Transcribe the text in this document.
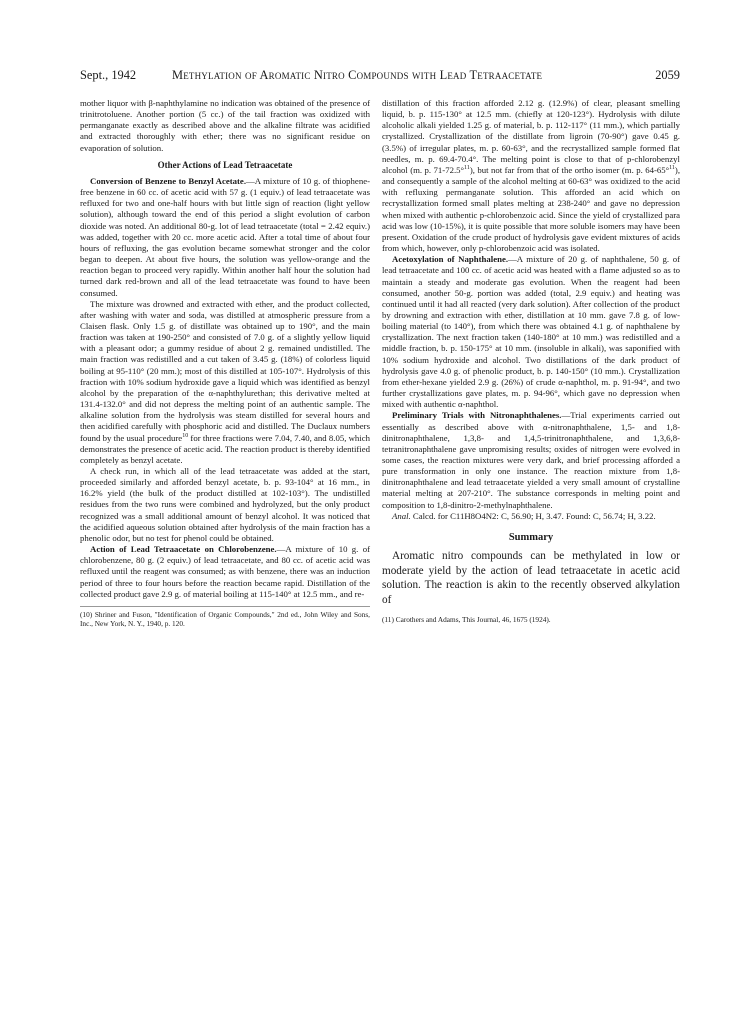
Sept., 1942	Methylation of Aromatic Nitro Compounds with Lead Tetraacetate	2059

mother liquor with β-naphthylamine no indication was obtained of the presence of trinitrotoluene. Another portion (5 cc.) of the tail fraction was oxidized with permanganate exactly as described above and the alkaline filtrate was acidified and extracted thoroughly with ether; there was no significant residue on evaporation of solution.

Other Actions of Lead Tetraacetate

Conversion of Benzene to Benzyl Acetate.—A mixture of 10 g. of thiophene-free benzene in 60 cc. of acetic acid with 57 g. (1 equiv.) of lead tetraacetate was refluxed for two and one-half hours with but little sign of reaction (light yellow solution), although toward the end of this period a slight evolution of carbon dioxide was noted. An additional 80-g. lot of lead tetraacetate (total = 2.42 equiv.) was added, together with 20 cc. more acetic acid. After a total time of about four hours of refluxing, the gas evolution became somewhat stronger and the color began to deepen. At about five hours, the solution was yellow-orange and the reaction began to proceed very rapidly. Within another half hour the solution had turned dark red-brown and all of the lead tetraacetate was found to have been consumed.

The mixture was drowned and extracted with ether, and the product collected, after washing with water and soda, was distilled at atmospheric pressure from a Claisen flask. Only 1.5 g. of distillate was obtained up to 190°, and the main fraction was taken at 190-250° and consisted of 7.0 g. of a slightly yellow liquid with a pleasant odor; a gummy residue of about 2 g. remained undistilled. The main fraction was redistilled and a cut taken of 3.45 g. (18%) of colorless liquid boiling at 95-110° (20 mm.); most of this distilled at 105-107°. Hydrolysis of this fraction with 10% sodium hydroxide gave a liquid which was identified as benzyl alcohol by the preparation of the α-naphthylurethan; this derivative melted at 131.4-132.0° and did not depress the melting point of an authentic sample. The alkaline solution from the hydrolysis was steam distilled for several hours and then acidified carefully with phosphoric acid and distilled. The Duclaux numbers found by the usual procedure$^{10}$ for three fractions were 7.04, 7.40, and 8.05, which demonstrates the presence of acetic acid. The reaction product is thereby identified completely as benzyl acetate.

A check run, in which all of the lead tetraacetate was added at the start, proceeded similarly and afforded benzyl acetate, b. p. 93-104° at 16 mm., in 16.2% yield (the bulk of the product distilled at 102-103°). The undistilled residues from the two runs were combined and hydrolyzed, but the only product recognized was a small additional amount of benzyl alcohol. It was noticed that the acidified aqueous solution obtained after hydrolysis of the main fraction has a phenolic odor, but no test for phenol could be obtained.

Action of Lead Tetraacetate on Chlorobenzene.—A mixture of 10 g. of chlorobenzene, 80 g. (2 equiv.) of lead tetraacetate, and 80 cc. of acetic acid was refluxed until the reagent was consumed; as with benzene, there was an induction period of three to four hours before the reaction became rapid. Distillation of the collected product gave 2.9 g. of material boiling at 115-140° at 12.5 mm., and re-

(10) Shriner and Fuson, "Identification of Organic Compounds," 2nd ed., John Wiley and Sons, Inc., New York, N. Y., 1940, p. 120.

distillation of this fraction afforded 2.12 g. (12.9%) of clear, pleasant smelling liquid, b. p. 115-130° at 12.5 mm. (chiefly at 120-123°). Hydrolysis with dilute alcoholic alkali yielded 1.25 g. of material, b. p. 112-117° (11 mm.), which partially crystallized. Crystallization of the distillate from ligroin (70-90°) gave 0.45 g. (3.5%) of irregular plates, m. p. 60-63°, and the recrystallized sample formed flat needles, m. p. 69.4-70.4°. The melting point is close to that of p-chlorobenzyl alcohol (m. p. 71-72.5°$^{11}$), but not far from that of the ortho isomer (m. p. 64-65°$^{11}$), and consequently a sample of the alcohol melting at 60-63° was oxidized to the acid with refluxing permanganate solution. This afforded an acid which on recrystallization formed small plates melting at 238-240° and gave no depression when mixed with authentic p-chlorobenzoic acid. Since the yield of crystallized para acid was low (10-15%), it is quite possible that more soluble isomers may have been present. Oxidation of the crude product of hydrolysis gave evident mixtures of acids from which, however, only p-chlorobenzoic acid was isolated.

Acetoxylation of Naphthalene.—A mixture of 20 g. of naphthalene, 50 g. of lead tetraacetate and 100 cc. of acetic acid was heated with a flame adjusted so as to maintain a steady and moderate gas evolution. When the reagent had been consumed, another 50-g. portion was added (total, 2.9 equiv.) and heating was continued until it had all reacted (very dark solution). After collection of the product by drowning and extraction with ether, distillation at 10 mm. gave 7.8 g. of low-boiling material (to 140°), from which there was obtained 4.1 g. of naphthalene by crystallization. The next fraction taken (140-180° at 10 mm.) was redistilled and a middle fraction, b. p. 150-175° at 10 mm. (insoluble in alkali), was saponified with 10% sodium hydroxide and alcohol. Two distillations of the dark product of hydrolysis gave 4.0 g. of phenolic product, b. p. 140-150° (10 mm.). Crystallization from ether-hexane yielded 2.9 g. (26%) of crude α-naphthol, m. p. 91-94°, and two further crystallizations gave plates, m. p. 94-96°, which gave no depression when mixed with authentic α-naphthol.

Preliminary Trials with Nitronaphthalenes.—Trial experiments carried out essentially as described above with α-nitronaphthalene, 1,5- and 1,8-dinitronaphthalene, 1,3,8- and 1,4,5-trinitronaphthalene, and 1,3,6,8-tetranitronaphthalene gave unpromising results; oxides of nitrogen were evolved in some cases, the reaction mixtures were very dark, and brief processing afforded a pure transformation in only one instance. The reaction mixture from 1,8-dinitronaphthalene and lead tetraacetate yielded a very small amount of crystalline material melting at 207-210°. The substance corresponds in melting point and composition to 1,8-dinitro-2-methylnaphthalene.

Anal. Calcd. for C11H8O4N2: C, 56.90; H, 3.47. Found: C, 56.74; H, 3.22.

Summary

Aromatic nitro compounds can be methylated in low or moderate yield by the action of lead tetraacetate in acetic acid solution. The reaction is akin to the recently observed alkylation of

(11) Carothers and Adams, This Journal, 46, 1675 (1924).
